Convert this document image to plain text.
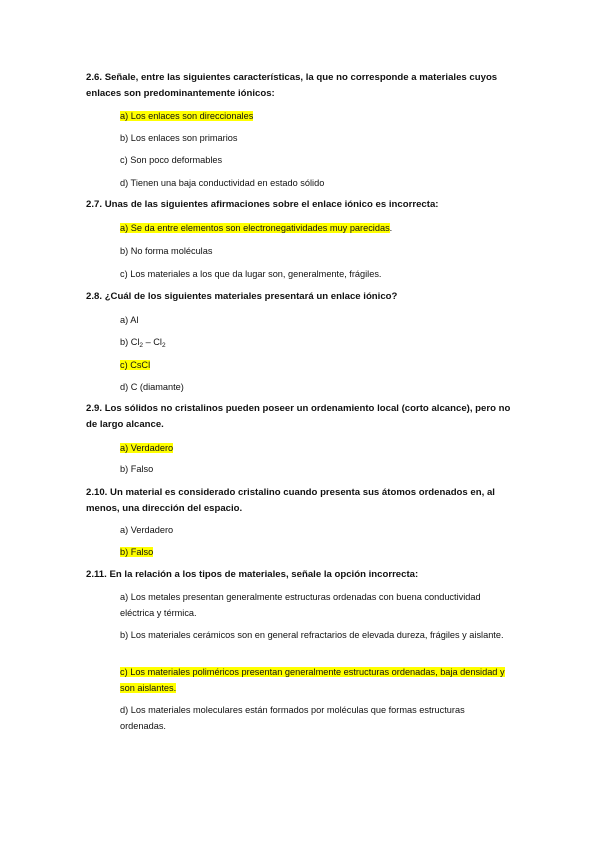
2.6. Señale, entre las siguientes características, la que no corresponde a materiales cuyos enlaces son predominantemente iónicos:
a) Los enlaces son direccionales
b) Los enlaces son primarios
c) Son poco deformables
d) Tienen una baja conductividad en estado sólido
2.7. Unas de las siguientes afirmaciones sobre el enlace iónico es incorrecta:
a) Se da entre elementos son electronegatividades muy parecidas.
b) No forma moléculas
c) Los materiales a los que da lugar son, generalmente, frágiles.
2.8. ¿Cuál de los siguientes materiales presentará un enlace iónico?
a) Al
b) $Cl_2 - Cl_2$
c) CsCl
d) C (diamante)
2.9. Los sólidos no cristalinos pueden poseer un ordenamiento local (corto alcance), pero no de largo alcance.
a) Verdadero
b) Falso
2.10. Un material es considerado cristalino cuando presenta sus átomos ordenados en, al menos, una dirección del espacio.
a) Verdadero
b) Falso
2.11. En la relación a los tipos de materiales, señale la opción incorrecta:
a) Los metales presentan generalmente estructuras ordenadas con buena conductividad eléctrica y térmica.
b) Los materiales cerámicos son en general refractarios de elevada dureza, frágiles y aislante.
c) Los materiales poliméricos presentan generalmente estructuras ordenadas, baja densidad y son aislantes.
d) Los materiales moleculares están formados por moléculas que formas estructuras ordenadas.
